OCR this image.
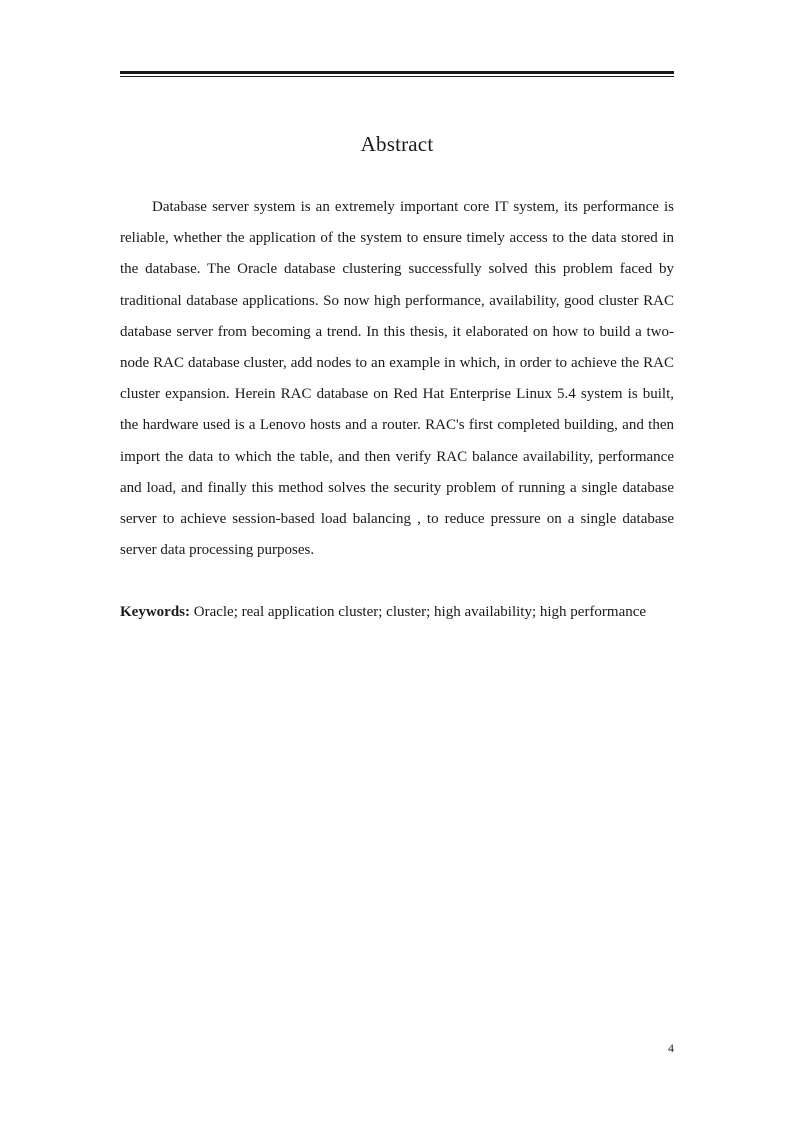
Abstract

Database server system is an extremely important core IT system, its performance is reliable, whether the application of the system to ensure timely access to the data stored in the database. The Oracle database clustering successfully solved this problem faced by traditional database applications. So now high performance, availability, good cluster RAC database server from becoming a trend. In this thesis, it elaborated on how to build a two-node RAC database cluster, add nodes to an example in which, in order to achieve the RAC cluster expansion. Herein RAC database on Red Hat Enterprise Linux 5.4 system is built, the hardware used is a Lenovo hosts and a router. RAC's first completed building, and then import the data to which the table, and then verify RAC balance availability, performance and load, and finally this method solves the security problem of running a single database server to achieve session-based load balancing , to reduce pressure on a single database server data processing purposes.

Keywords: Oracle; real application cluster; cluster; high availability; high performance

4
